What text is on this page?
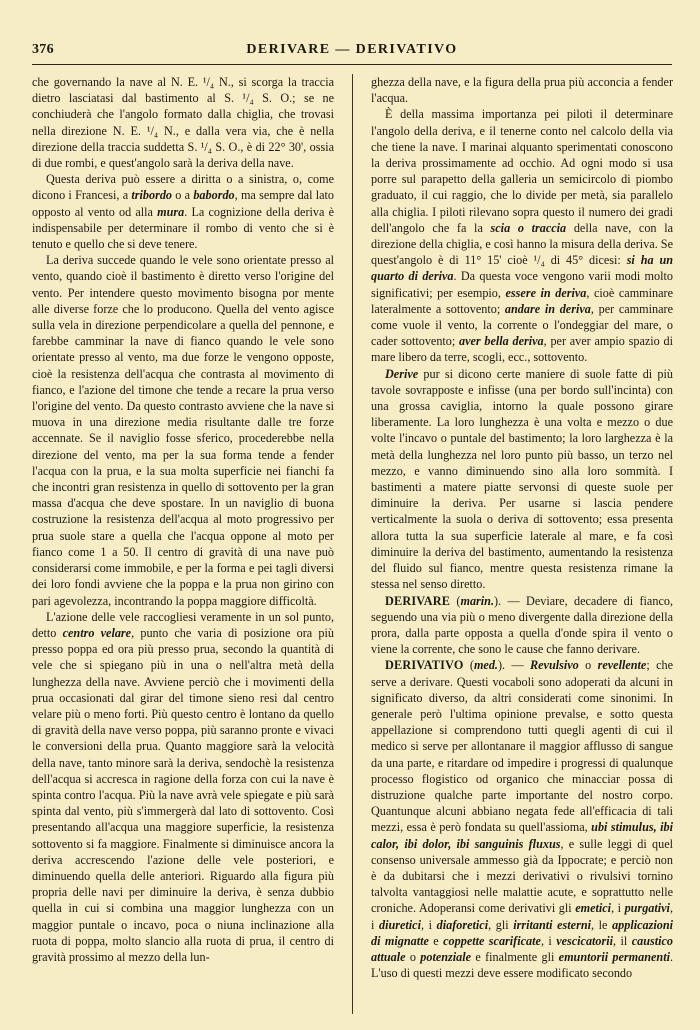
376	DERIVARE — DERIVATIVO

che governando la nave al N. E. ¹/₄ N., si scorga la traccia dietro lasciatasi dal bastimento al S. ¹/₄ S. O.; se ne conchiuderà che l'angolo formato dalla chiglia, che trovasi nella direzione N. E. ¹/₄ N., e dalla vera via, che è nella direzione della traccia suddetta S. ¹/₄ S. O., è di 22° 30', ossia di due rombi, e quest'angolo sarà la deriva della nave.

Questa deriva può essere a diritta o a sinistra, o, come dicono i Francesi, a tribordo o a babordo, ma sempre dal lato opposto al vento od alla mura. La cognizione della deriva è indispensabile per determinare il rombo di vento che si è tenuto e quello che si deve tenere.

La deriva succede quando le vele sono orientate presso al vento, quando cioè il bastimento è diretto verso l'origine del vento. Per intendere questo movimento bisogna por mente alle diverse forze che lo producono. Quella del vento agisce sulla vela in direzione perpendicolare a quella del pennone, e farebbe camminar la nave di fianco quando le vele sono orientate presso al vento, ma due forze le vengono opposte, cioè la resistenza dell'acqua che contrasta al movimento di fianco, e l'azione del timone che tende a recare la prua verso l'origine del vento. Da questo contrasto avviene che la nave si muova in una direzione media risultante dalle tre forze accennate. Se il naviglio fosse sferico, procederebbe nella direzione del vento, ma per la sua forma tende a fender l'acqua con la prua, e la sua molta superficie nei fianchi fa che incontri gran resistenza in quello di sottovento per la gran massa d'acqua che deve spostare. In un naviglio di buona costruzione la resistenza dell'acqua al moto progressivo per prua suole stare a quella che l'acqua oppone al moto per fianco come 1 a 50. Il centro di gravità di una nave può considerarsi come immobile, e per la forma e pei tagli diversi dei loro fondi avviene che la poppa e la prua non girino con pari agevolezza, incontrando la poppa maggiore difficoltà.

L'azione delle vele raccogliesi veramente in un sol punto, detto centro velare, punto che varia di posizione ora più presso poppa ed ora più presso prua, secondo la quantità di vele che si spiegano più in una o nell'altra metà della lunghezza della nave. Avviene perciò che i movimenti della prua occasionati dal girar del timone sieno resi dal centro velare più o meno forti. Più questo centro è lontano da quello di gravità della nave verso poppa, più saranno pronte e vivaci le conversioni della prua. Quanto maggiore sarà la velocità della nave, tanto minore sarà la deriva, sendochè la resistenza dell'acqua si accresca in ragione della forza con cui la nave è spinta contro l'acqua. Più la nave avrà vele spiegate e più sarà spinta dal vento, più s'immergerà dal lato di sottovento. Così presentando all'acqua una maggiore superficie, la resistenza sottovento si fa maggiore. Finalmente si diminuisce ancora la deriva accrescendo l'azione delle vele posteriori, e diminuendo quella delle anteriori. Riguardo alla figura più propria delle navi per diminuire la deriva, è senza dubbio quella in cui si combina una maggior lunghezza con un maggior puntale o incavo, poca o niuna inclinazione alla ruota di poppa, molto slancio alla ruota di prua, il centro di gravità prossimo al mezzo della lun-

ghezza della nave, e la figura della prua più acconcia a fender l'acqua.

È della massima importanza pei piloti il determinare l'angolo della deriva, e il tenerne conto nel calcolo della via che tiene la nave. I marinai alquanto sperimentati conoscono la deriva prossimamente ad occhio. Ad ogni modo si usa porre sul parapetto della galleria un semicircolo di piombo graduato, il cui raggio, che lo divide per metà, sia parallelo alla chiglia. I piloti rilevano sopra questo il numero dei gradi dell'angolo che fa la scia o traccia della nave, con la direzione della chiglia, e così hanno la misura della deriva. Se quest'angolo è di 11° 15' cioè ¹/₄ di 45° dicesi: si ha un quarto di deriva. Da questa voce vengono varii modi molto significativi; per esempio, essere in deriva, cioè camminare lateralmente a sottovento; andare in deriva, per camminare come vuole il vento, la corrente o l'ondeggiar del mare, o cader sottovento; aver bella deriva, per aver ampio spazio di mare libero da terre, scogli, ecc., sottovento.

Derive pur si dicono certe maniere di suole fatte di più tavole sovrapposte e infisse (una per bordo sull'incinta) con una grossa caviglia, intorno la quale possono girare liberamente. La loro lunghezza è una volta e mezzo o due volte l'incavo o puntale del bastimento; la loro larghezza è la metà della lunghezza nel loro punto più basso, un terzo nel mezzo, e vanno diminuendo sino alla loro sommità. I bastimenti a matere piatte servonsi di queste suole per diminuire la deriva. Per usarne si lascia pendere verticalmente la suola o deriva di sottovento; essa presenta allora tutta la sua superficie laterale al mare, e fa così diminuire la deriva del bastimento, aumentando la resistenza del fluido sul fianco, mentre questa resistenza rimane la stessa nel senso diretto.

DERIVARE (marin.). — Deviare, decadere di fianco, seguendo una via più o meno divergente dalla direzione della prora, dalla parte opposta a quella d'onde spira il vento o viene la corrente, che sono le cause che fanno derivare.

DERIVATIVO (med.). — Revulsivo o revellente; che serve a derivare. Questi vocaboli sono adoperati da alcuni in significato diverso, da altri considerati come sinonimi. In generale però l'ultima opinione prevalse, e sotto questa appellazione si comprendono tutti quegli agenti di cui il medico si serve per allontanare il maggior afflusso di sangue da una parte, e ritardare od impedire i progressi di qualunque processo flogistico od organico che minacciar possa di distruzione qualche parte importante del nostro corpo. Quantunque alcuni abbiano negata fede all'efficacia di tali mezzi, essa è però fondata su quell'assioma, ubi stimulus, ibi calor, ibi dolor, ibi sanguinis fluxus, e sulle leggi di quel consenso universale ammesso già da Ippocrate; e perciò non è da dubitarsi che i mezzi derivativi o rivulsivi tornino talvolta vantaggiosi nelle malattie acute, e soprattutto nelle croniche. Adoperansi come derivativi gli emetici, i purgativi, i diuretici, i diaforetici, gli irritanti esterni, le applicazioni di mignatte e coppette scarificate, i vescicatorii, il caustico attuale o potenziale e finalmente gli emuntorii permanenti. L'uso di questi mezzi deve essere modificato secondo
